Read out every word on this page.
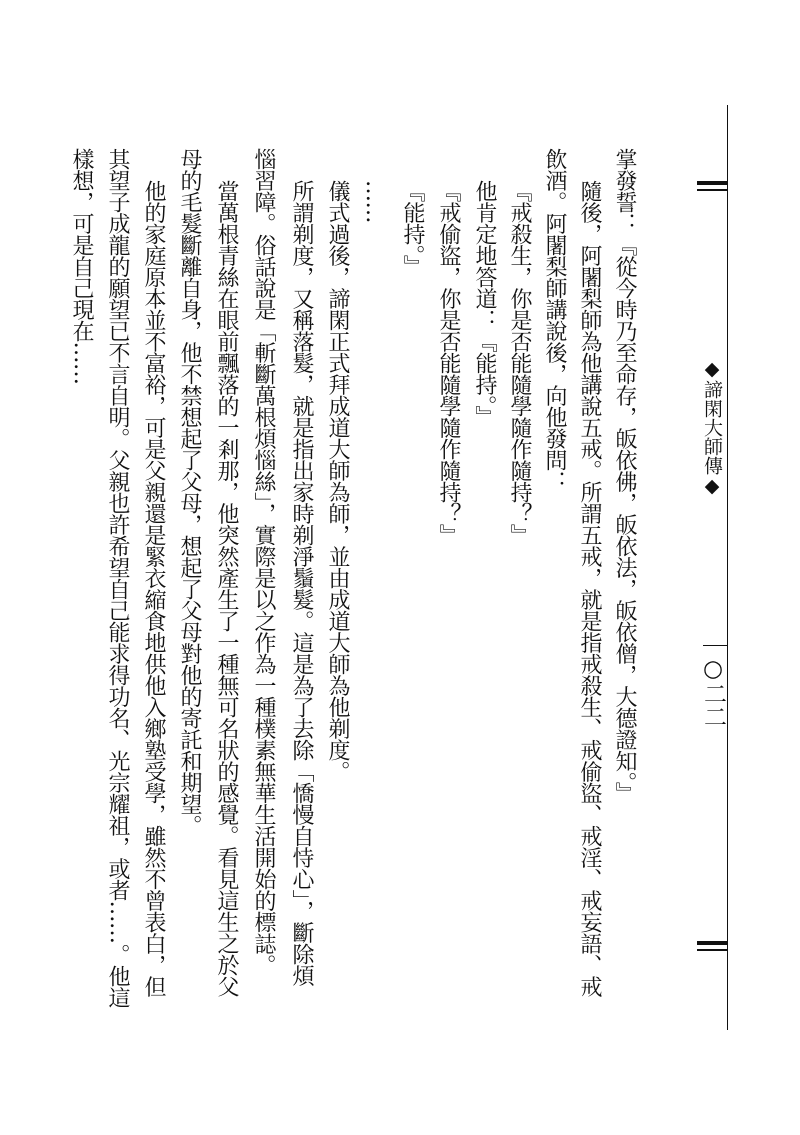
◆諦閑大師傳◆
○二二
掌發誓：『從今時乃至命存，皈依佛，皈依法，皈依僧，大德證知。』
隨後，阿闍梨師為他講說五戒。所謂五戒，就是指戒殺生、戒偷盜、戒淫、戒妄語、戒
飲酒。阿闍梨師講說後，向他發問：
『戒殺生，你是否能隨學隨作隨持？』
他肯定地答道：『能持。』
『戒偷盜，你是否能隨學隨作隨持？』
『能持。』
……
儀式過後，諦閑正式拜成道大師為師，並由成道大師為他剃度。
所謂剃度，又稱落髮，就是指出家時剃淨鬚髮。這是為了去除「憍慢自恃心」，斷除煩
惱習障。俗話說是「斬斷萬根煩惱絲」，實際是以之作為一種樸素無華生活開始的標誌。
當萬根青絲在眼前飄落的一剎那，他突然產生了一種無可名狀的感覺。看見這生之於父
母的毛髮斷離自身，他不禁想起了父母，想起了父母對他的寄託和期望。
他的家庭原本並不富裕，可是父親還是緊衣縮食地供他入鄉塾受學，雖然不曾表白，但
其望子成龍的願望已不言自明。父親也許希望自己能求得功名、光宗耀祖，或者……。他這
樣想，可是自己現在……
